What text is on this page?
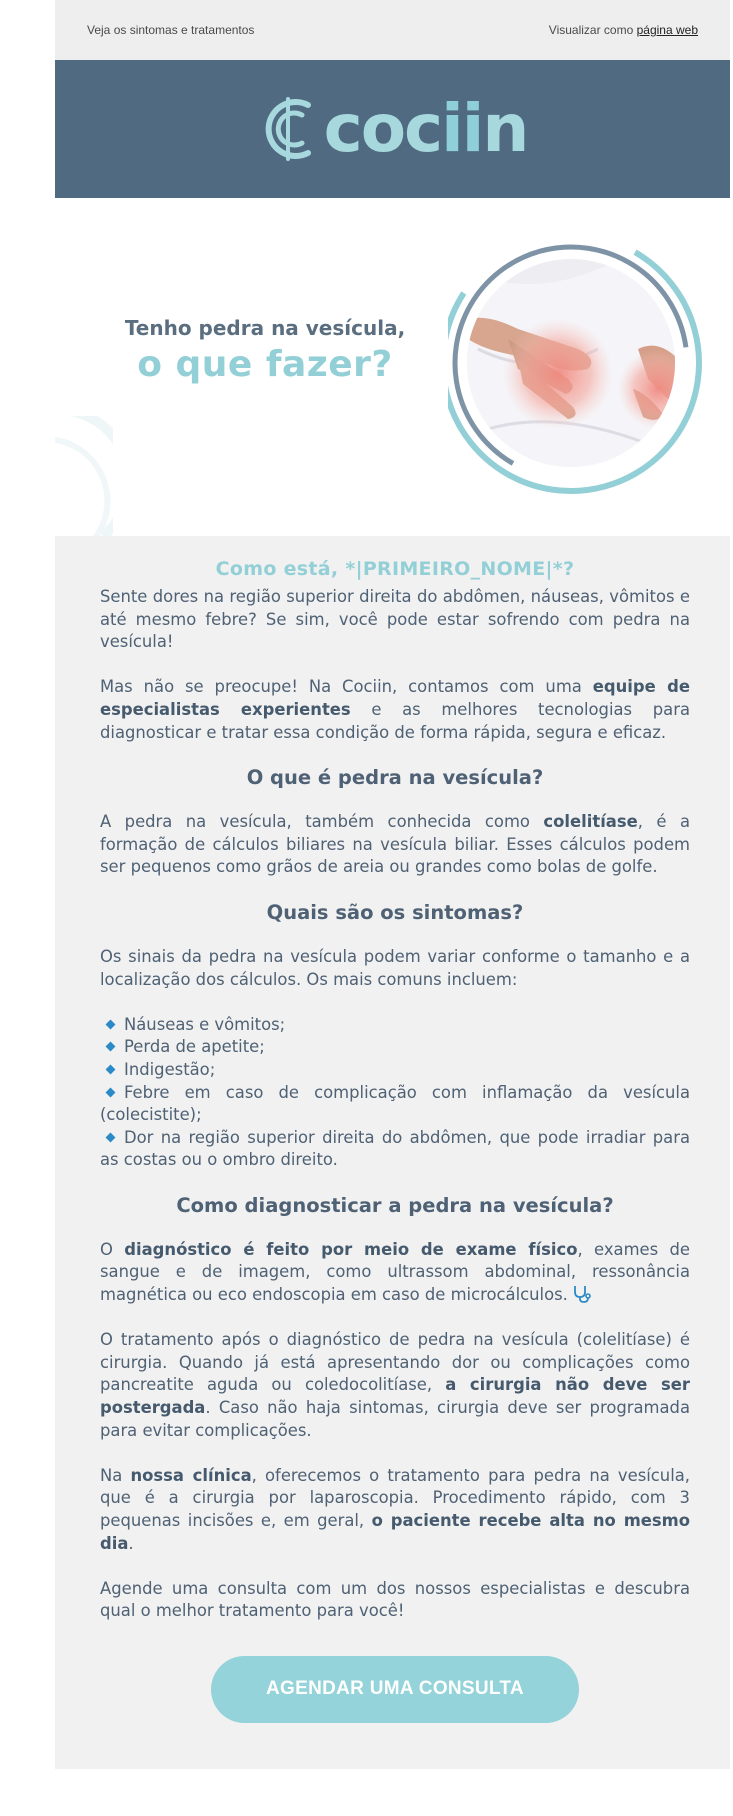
Veja os sintomas e tratamentos	Visualizar como página web
cociin

Tenho pedra na vesícula,

o que fazer?

Como está, *|PRIMEIRO_NOME|*?

Sente dores na região superior direita do abdômen, náuseas, vômitos e até mesmo febre? Se sim, você pode estar sofrendo com pedra na vesícula!

Mas não se preocupe! Na Cociin, contamos com uma equipe de especialistas experientes e as melhores tecnologias para diagnosticar e tratar essa condição de forma rápida, segura e eficaz.

O que é pedra na vesícula?

A pedra na vesícula, também conhecida como colelitíase, é a formação de cálculos biliares na vesícula biliar. Esses cálculos podem ser pequenos como grãos de areia ou grandes como bolas de golfe.

Quais são os sintomas?

Os sinais da pedra na vesícula podem variar conforme o tamanho e a localização dos cálculos. Os mais comuns incluem:

Náuseas e vômitos;
Perda de apetite;
Indigestão;
Febre em caso de complicação com inflamação da vesícula (colecistite);
Dor na região superior direita do abdômen, que pode irradiar para as costas ou o ombro direito.

Como diagnosticar a pedra na vesícula?

O diagnóstico é feito por meio de exame físico, exames de sangue e de imagem, como ultrassom abdominal, ressonância magnética ou eco endoscopia em caso de microcálculos.

O tratamento após o diagnóstico de pedra na vesícula (colelitíase) é cirurgia. Quando já está apresentando dor ou complicações como pancreatite aguda ou coledocolitíase, a cirurgia não deve ser postergada. Caso não haja sintomas, cirurgia deve ser programada para evitar complicações.

Na nossa clínica, oferecemos o tratamento para pedra na vesícula, que é a cirurgia por laparoscopia. Procedimento rápido, com 3 pequenas incisões e, em geral, o paciente recebe alta no mesmo dia.

Agende uma consulta com um dos nossos especialistas e descubra qual o melhor tratamento para você!

AGENDAR UMA CONSULTA
